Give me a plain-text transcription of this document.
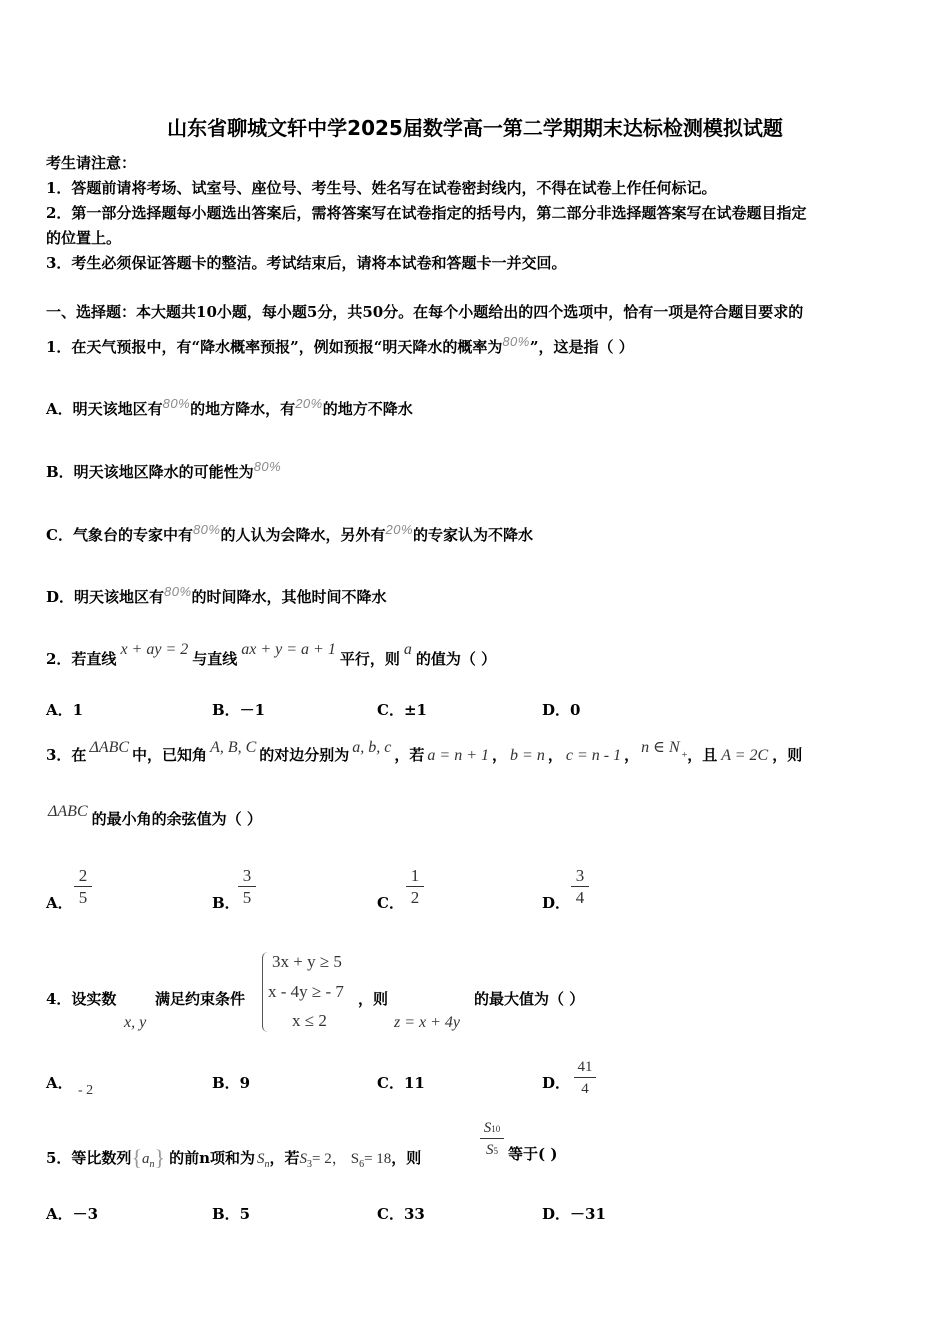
山东省聊城文轩中学2025届数学高一第二学期期末达标检测模拟试题
考生请注意：
1．答题前请将考场、试室号、座位号、考生号、姓名写在试卷密封线内，不得在试卷上作任何标记。
2．第一部分选择题每小题选出答案后，需将答案写在试卷指定的括号内，第二部分非选择题答案写在试卷题目指定
的位置上。
3．考生必须保证答题卡的整洁。考试结束后，请将本试卷和答题卡一并交回。
一、选择题：本大题共10小题，每小题5分，共50分。在每个小题给出的四个选项中，恰有一项是符合题目要求的
1．在天气预报中，有“降水概率预报”，例如预报“明天降水的概率为$^{80\%}$”，这是指（ ）
A．明天该地区有$^{80\%}$的地方降水，有$^{20\%}$的地方不降水
B．明天该地区降水的可能性为$^{80\%}$
C．气象台的专家中有$^{80\%}$的人认为会降水，另外有$^{20\%}$的专家认为不降水
D．明天该地区有$^{80\%}$的时间降水，其他时间不降水
2．若直线x + ay = 2与直线ax + y = a + 1平行，则a的值为（ ）
A．1	B．－1	C．±1	D．0
3．在 ΔABC 中，已知角 A, B, C 的对边分别为 a, b, c ，若 a = n + 1 ， b = n ， c = n - 1 ， n ∈ N +，且 A = 2C ，则
ΔABC 的最小角的余弦值为（ ）
A．
2
5	B．
3
5	C．
1
2	D．
3
4
4．设实数
x, y
满足约束条件
3x + y ≥ 5
x - 4y ≥ - 7
x ≤ 2
，则
z = x + 4y
的最大值为（ ）
A． - 2	B．9	C．11	D．
41
4
5．等比数列$\{a_n\}$ 的前n项和为 $S_n$，若$S_3= 2$， $S_6= 18$，则
S10
S5 等于( )
A．－3	B．5	C．33	D．－31
